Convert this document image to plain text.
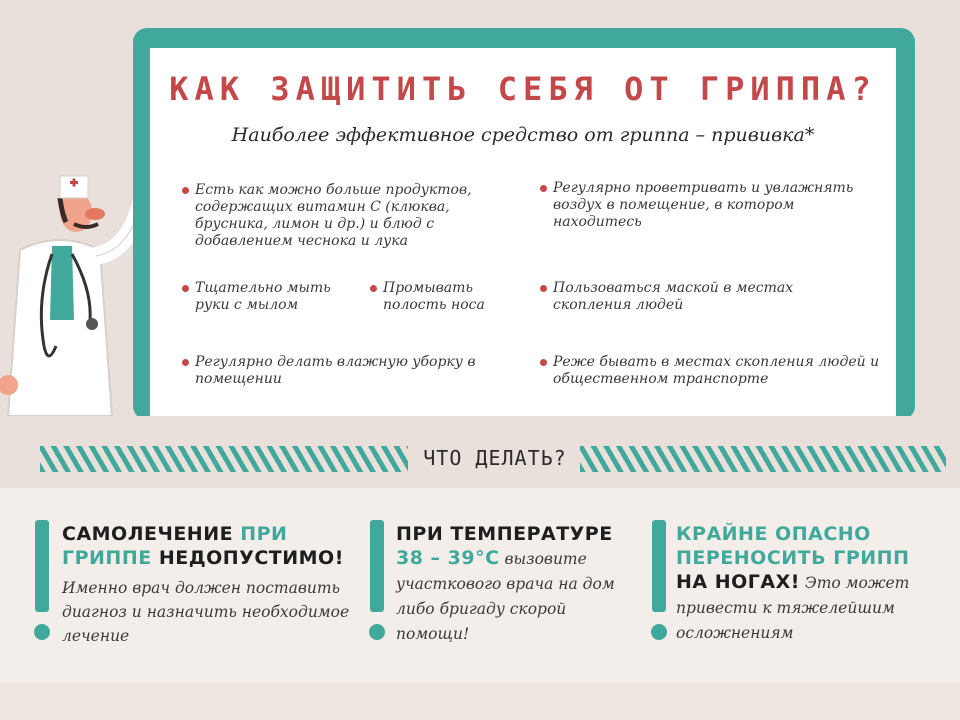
КАК ЗАЩИТИТЬ СЕБЯ ОТ ГРИППА?

Наиболее эффективное средство от гриппа – прививка*

Есть как можно больше продуктов, содержащих витамин С (клюква, брусника, лимон и др.) и блюд с добавлением чеснока и лука
Регулярно проветривать и увлажнять воздух в помещение, в котором находитесь
Тщательно мыть руки с мылом
Промывать полость носа
Пользоваться маской в местах скопления людей
Регулярно делать влажную уборку в помещении
Реже бывать в местах скопления людей и общественном транспорте
ЧТО ДЕЛАТЬ?
САМОЛЕЧЕНИЕ ПРИ ГРИППЕ НЕДОПУСТИМО!
Именно врач должен поставить диагноз и назначить необходимое лечение
ПРИ ТЕМПЕРАТУРЕ
38 – 39°С вызовите участкового врача на дом либо бригаду скорой помощи!
КРАЙНЕ ОПАСНО ПЕРЕНОСИТЬ ГРИПП
НА НОГАХ! Это может привести к тяжелейшим осложнениям
